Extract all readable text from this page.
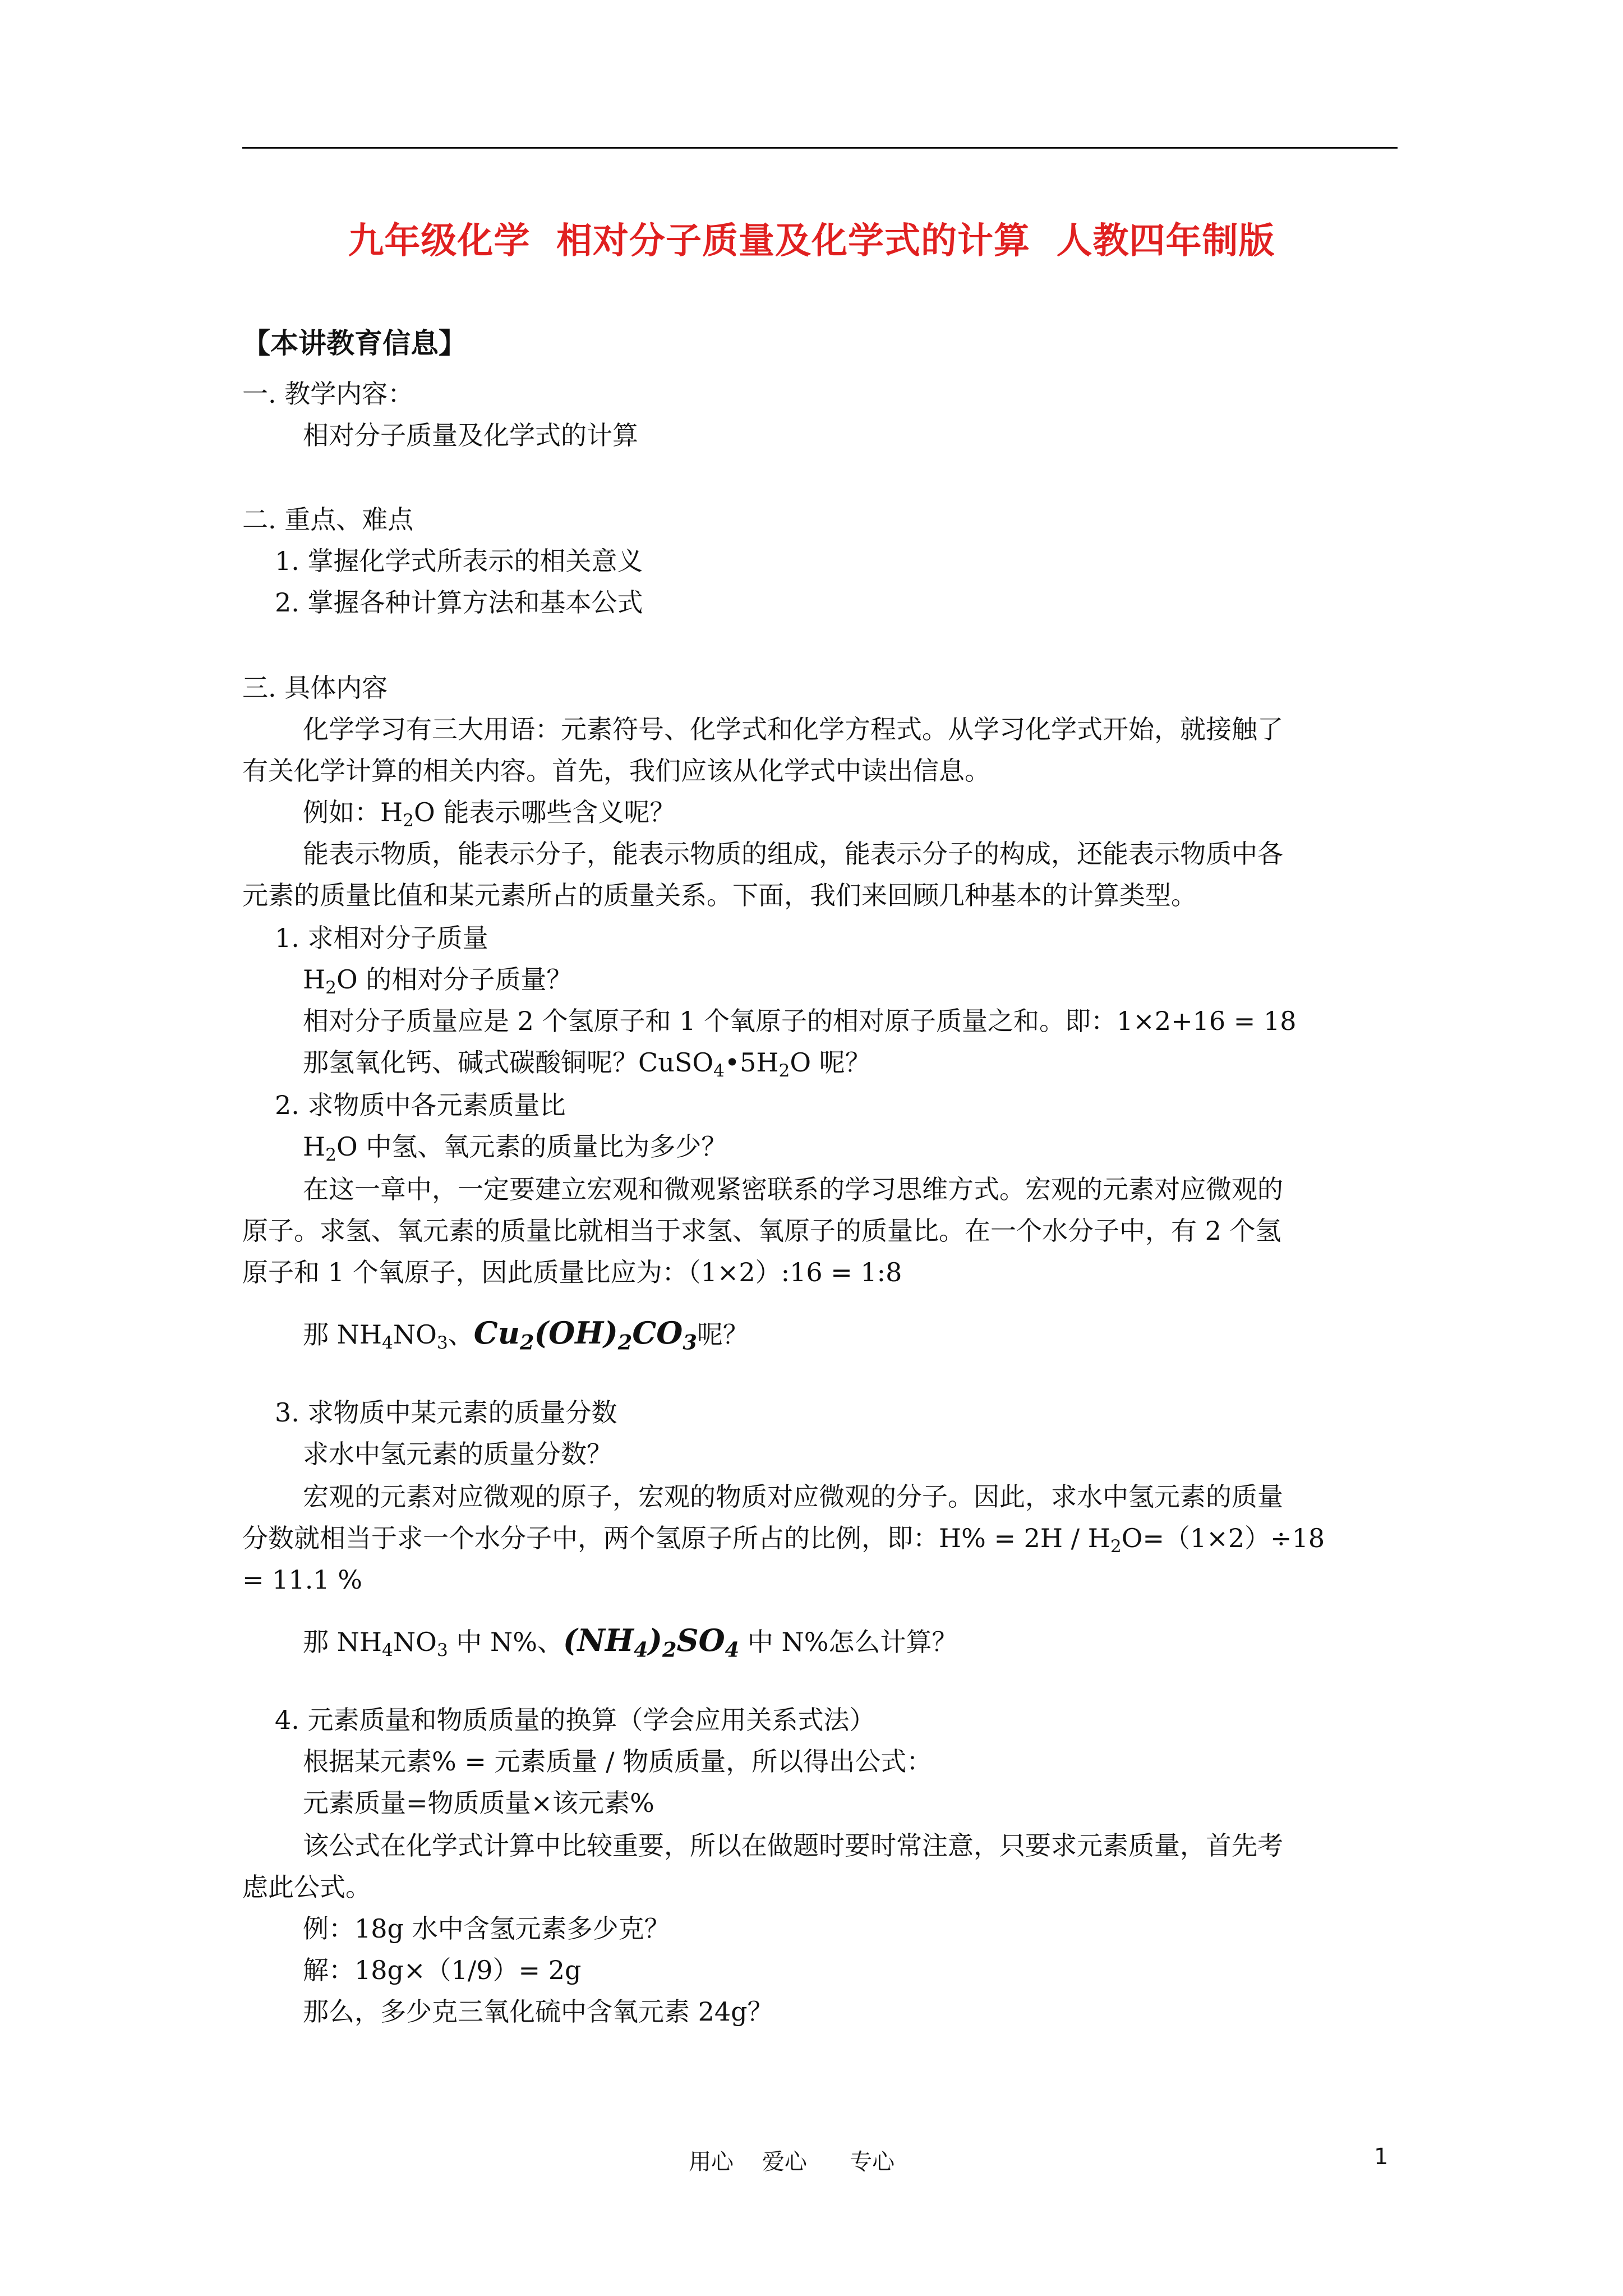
九年级化学  相对分子质量及化学式的计算  人教四年制版
【本讲教育信息】
一. 教学内容：
相对分子质量及化学式的计算
二. 重点、难点
1. 掌握化学式所表示的相关意义
2. 掌握各种计算方法和基本公式
三. 具体内容
化学学习有三大用语：元素符号、化学式和化学方程式。从学习化学式开始，就接触了
有关化学计算的相关内容。首先，我们应该从化学式中读出信息。
例如：$H_2O$ 能表示哪些含义呢？
能表示物质，能表示分子，能表示物质的组成，能表示分子的构成，还能表示物质中各
元素的质量比值和某元素所占的质量关系。下面，我们来回顾几种基本的计算类型。
1. 求相对分子质量
$H_2O$ 的相对分子质量？
相对分子质量应是 2 个氢原子和 1 个氧原子的相对原子质量之和。即：1×2+16 = 18
那氢氧化钙、碱式碳酸铜呢？$CuSO_4•5H_2O$ 呢？
2. 求物质中各元素质量比
$H_2O$ 中氢、氧元素的质量比为多少？
在这一章中，一定要建立宏观和微观紧密联系的学习思维方式。宏观的元素对应微观的
原子。求氢、氧元素的质量比就相当于求氢、氧原子的质量比。在一个水分子中，有 2 个氢
原子和 1 个氧原子，因此质量比应为：（1×2）:16 = 1:8
那 $NH_4NO_3$、$Cu_2(OH)_2CO_3$呢？
3. 求物质中某元素的质量分数
求水中氢元素的质量分数？
宏观的元素对应微观的原子，宏观的物质对应微观的分子。因此，求水中氢元素的质量
分数就相当于求一个水分子中，两个氢原子所占的比例，即：$H\% = 2H / H_2O=(1\times 2)\div 18$
= 11.1 %
那 $NH_4NO_3$ 中 N%、$(NH_4)_2SO_4$ 中 N%怎么计算？
4. 元素质量和物质质量的换算（学会应用关系式法）
根据某元素% = 元素质量 / 物质质量，所以得出公式：
元素质量=物质质量×该元素%
该公式在化学式计算中比较重要，所以在做题时要时常注意，只要求元素质量，首先考
虑此公式。
例：18g 水中含氢元素多少克？
解：18g×（1/9）= 2g
那么，多少克三氧化硫中含氧元素 24g？
用心    爱心      专心	1
